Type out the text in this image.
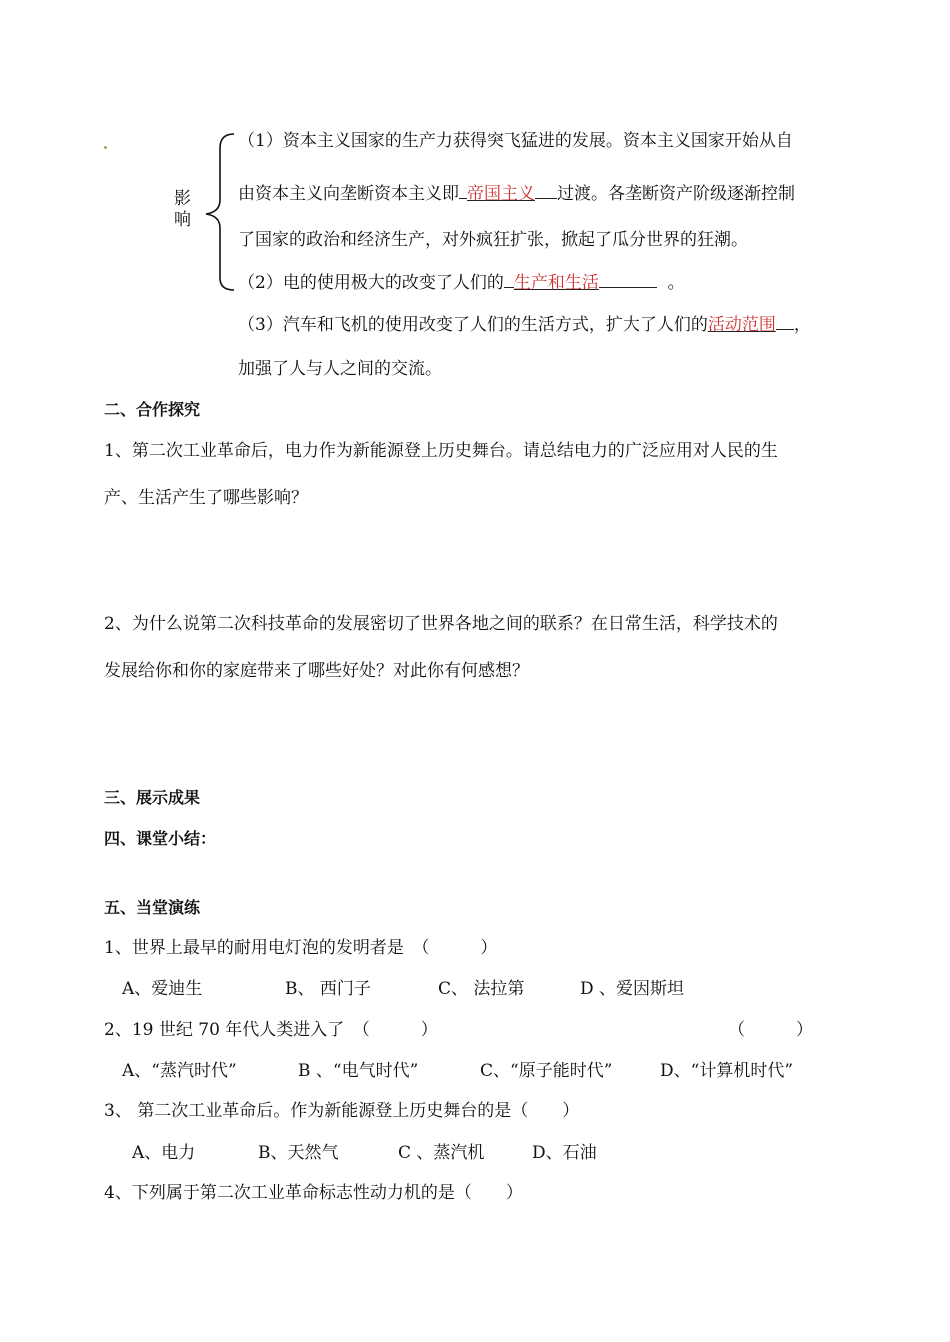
影响
（1）资本主义国家的生产力获得突飞猛进的发展。资本主义国家开始从自
由资本主义向垄断资本主义即 帝国主义 过渡。各垄断资产阶级逐渐控制
了国家的政治和经济生产，对外疯狂扩张，掀起了瓜分世界的狂潮。
（2）电的使用极大的改变了人们的 生产和生活	。
（3）汽车和飞机的使用改变了人们的生活方式，扩大了人们的活动范围 ，
加强了人与人之间的交流。
二、合作探究
1、第二次工业革命后，电力作为新能源登上历史舞台。请总结电力的广泛应用对人民的生
产、生活产生了哪些影响？
2、为什么说第二次科技革命的发展密切了世界各地之间的联系？在日常生活，科学技术的
发展给你和你的家庭带来了哪些好处？对此你有何感想？
三、展示成果
四、课堂小结：
五、当堂演练
1、世界上最早的耐用电灯泡的发明者是　（　　　）
A、爱迪生	B、 西门子	C、 法拉第	D 、爱因斯坦
2、19 世纪 70 年代人类进入了　（　　　）	（　　　）
A、“蒸汽时代”	B 、“电气时代”	C、“原子能时代”	D、“计算机时代”
3、 第二次工业革命后。作为新能源登上历史舞台的是（　　）
A、电力	B、天然气	C 、蒸汽机	D、石油
4、下列属于第二次工业革命标志性动力机的是（　　）
